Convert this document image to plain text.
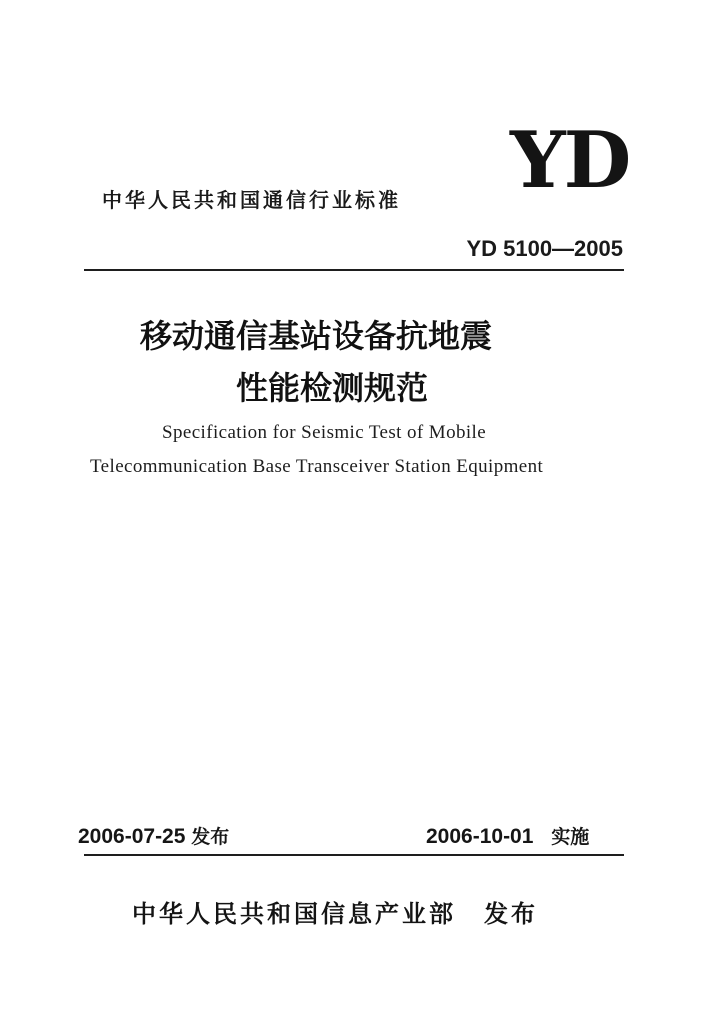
YD
中华人民共和国通信行业标准
YD 5100—2005
移动通信基站设备抗地震
性能检测规范
Specification for Seismic Test of Mobile
Telecommunication Base Transceiver Station Equipment
2006-07-25 发布	2006-10-01 实施
中华人民共和国信息产业部 发布
